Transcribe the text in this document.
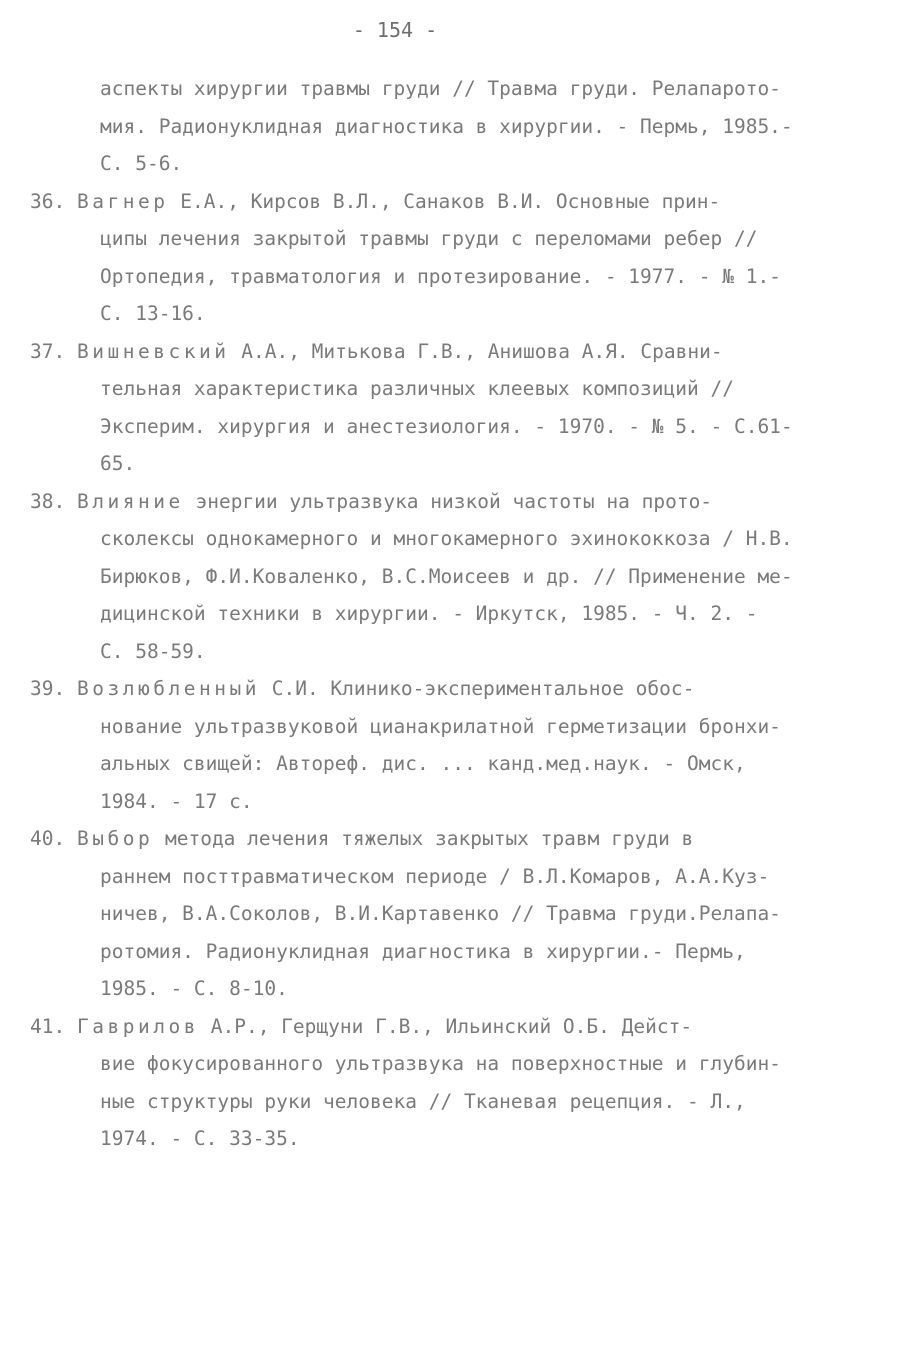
- 154 -
аспекты хирургии травмы груди // Травма груди. Релапарото-
мия. Радионуклидная диагностика в хирургии. - Пермь, 1985.-
С. 5-6.
36. Вагнер Е.А., Кирсов В.Л., Санаков В.И. Основные прин-
ципы лечения закрытой травмы груди с переломами ребер //
Ортопедия, травматология и протезирование. - 1977. - № 1.-
С. 13-16.
37. Вишневский А.А., Митькова Г.В., Анишова А.Я. Сравни-
тельная характеристика различных клеевых композиций //
Эксперим. хирургия и анестезиология. - 1970. - № 5. - С.61-
65.
38. Влияние энергии ультразвука низкой частоты на прото-
сколексы однокамерного и многокамерного эхинококкоза / Н.В.
Бирюков, Ф.И.Коваленко, В.С.Моисеев и др. // Применение ме-
дицинской техники в хирургии. - Иркутск, 1985. - Ч. 2. -
С. 58-59.
39. Возлюбленный С.И. Клинико-экспериментальное обос-
нование ультразвуковой цианакрилатной герметизации бронхи-
альных свищей: Автореф. дис. ... канд.мед.наук. - Омск,
1984. - 17 с.
40. Выбор метода лечения тяжелых закрытых травм груди в
раннем посттравматическом периоде / В.Л.Комаров, А.А.Куз-
ничев, В.А.Соколов, В.И.Картавенко // Травма груди.Релапа-
ротомия. Радионуклидная диагностика в хирургии.- Пермь,
1985. - С. 8-10.
41. Гаврилов А.Р., Герщуни Г.В., Ильинский О.Б. Дейст-
вие фокусированного ультразвука на поверхностные и глубин-
ные структуры руки человека // Тканевая рецепция. - Л.,
1974. - С. 33-35.
